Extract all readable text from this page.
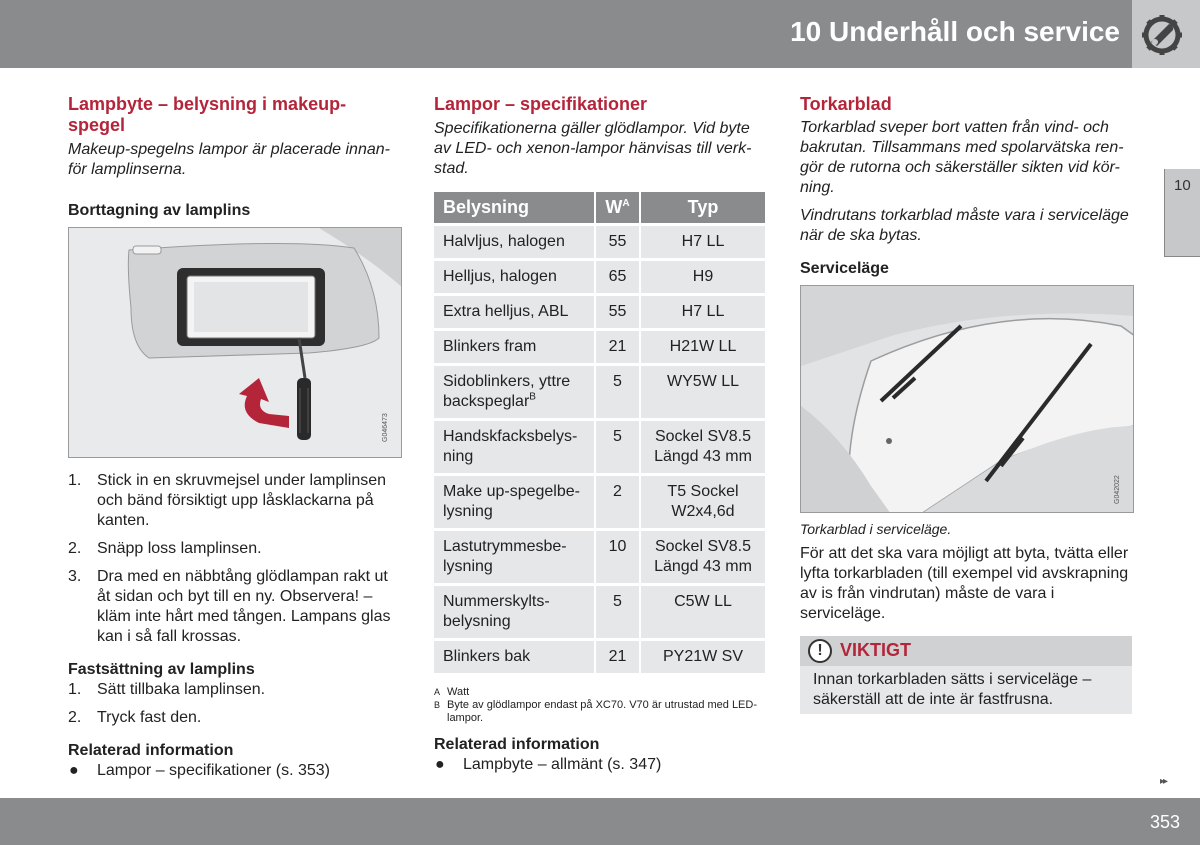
10 Underhåll och service
10
Lampbyte – belysning i makeup-spegel
Makeup-spegelns lampor är placerade innan-för lamplinserna.
Borttagning av lamplins
G046473
1. Stick in en skruvmejsel under lamplinsen och bänd försiktigt upp låsklackarna på kanten.
2. Snäpp loss lamplinsen.
3. Dra med en näbbtång glödlampan rakt ut åt sidan och byt till en ny. Observera! – kläm inte hårt med tången. Lampans glas kan i så fall krossas.
Fastsättning av lamplins
1. Sätt tillbaka lamplinsen.
2. Tryck fast den.
Relaterad information
● Lampor – specifikationer (s. 353)
Lampor – specifikationer
Specifikationerna gäller glödlampor. Vid byte av LED- och xenon-lampor hänvisas till verk-stad.
Belysning	$W^A$	Typ
Halvljus, halogen	55	H7 LL
Helljus, halogen	65	H9
Extra helljus, ABL	55	H7 LL
Blinkers fram	21	H21W LL
Sidoblinkers, yttre backspeglar$^B$	5	WY5W LL
Handskfacksbelys-ning	5	Sockel SV8.5 Längd 43 mm
Make up-spegelbe-lysning	2	T5 Sockel W2x4,6d
Lastutrymmesbe-lysning	10	Sockel SV8.5 Längd 43 mm
Nummerskylts-belysning	5	C5W LL
Blinkers bak	21	PY21W SV
A Watt
B Byte av glödlampor endast på XC70. V70 är utrustad med LED-lampor.
Relaterad information
● Lampbyte – allmänt (s. 347)
Torkarblad
Torkarblad sveper bort vatten från vind- och bakrutan. Tillsammans med spolarvätska ren-gör de rutorna och säkerställer sikten vid kör-ning.
Vindrutans torkarblad måste vara i serviceläge när de ska bytas.
Serviceläge
G042022
Torkarblad i serviceläge.

För att det ska vara möjligt att byta, tvätta eller lyfta torkarbladen (till exempel vid avskrapning av is från vindrutan) måste de vara i serviceläge.

! VIKTIGT
Innan torkarbladen sätts i serviceläge – säkerställ att de inte är fastfrusna.
▸▸
353
